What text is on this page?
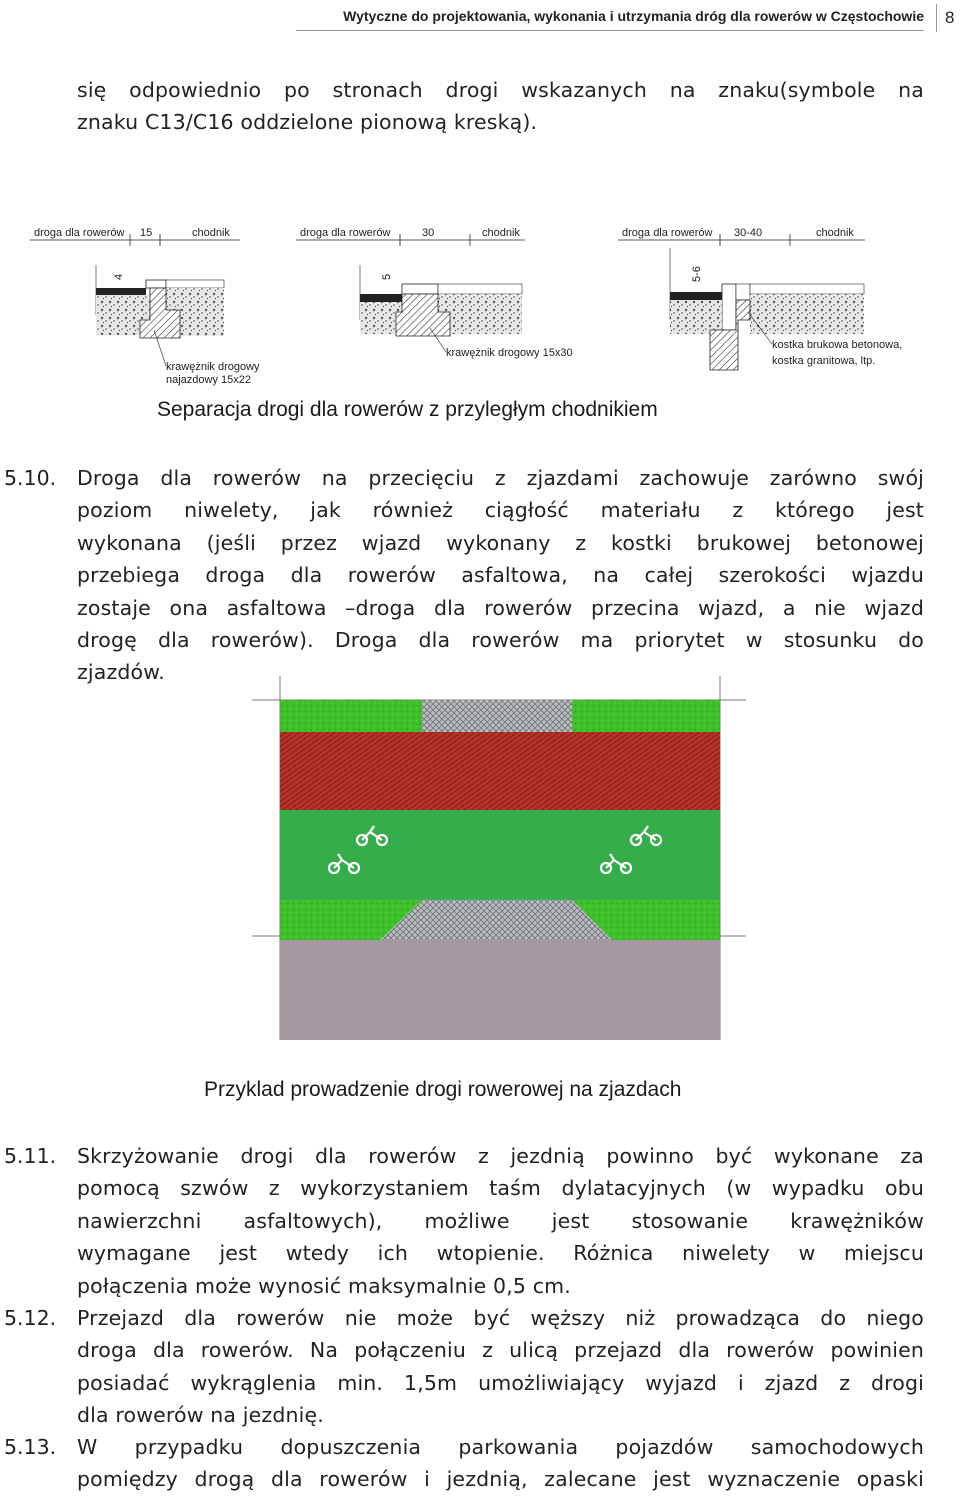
Wytyczne do projektowania, wykonania i utrzymania dróg dla rowerów w Częstochowie 8
się odpowiednio po stronach drogi wskazanych na znaku(symbole na
znaku C13/C16 oddzielone pionową kreską).
droga dla rowerów 15	chodnik
4
krawężnik drogowy
najazdowy 15x22
droga dla rowerów	30	chodnik
5
krawężnik drogowy 15x30
droga dla rowerów 30-40	chodnik
5-6
kostka brukowa betonowa,
kostka granitowa, ltp.
Separacja drogi dla rowerów z przyległym chodnikiem
5.10. Droga dla rowerów na przecięciu z zjazdami zachowuje zarówno swój
poziom niwelety, jak również ciągłość materiału z którego jest
wykonana (jeśli przez wjazd wykonany z kostki brukowej betonowej
przebiega droga dla rowerów asfaltowa, na całej szerokości wjazdu
zostaje ona asfaltowa –droga dla rowerów przecina wjazd, a nie wjazd
drogę dla rowerów). Droga dla rowerów ma priorytet w stosunku do
zjazdów.
Przyklad prowadzenie drogi rowerowej na zjazdach
5.11. Skrzyżowanie drogi dla rowerów z jezdnią powinno być wykonane za
pomocą szwów z wykorzystaniem taśm dylatacyjnych (w wypadku obu
nawierzchni asfaltowych), możliwe jest stosowanie krawężników
wymagane jest wtedy ich wtopienie. Różnica niwelety w miejscu
połączenia może wynosić maksymalnie 0,5 cm.
5.12. Przejazd dla rowerów nie może być węższy niż prowadząca do niego
droga dla rowerów. Na połączeniu z ulicą przejazd dla rowerów powinien
posiadać wykrąglenia min. 1,5m umożliwiający wyjazd i zjazd z drogi
dla rowerów na jezdnię.
5.13. W przypadku dopuszczenia parkowania pojazdów samochodowych
pomiędzy drogą dla rowerów i jezdnią, zalecane jest wyznaczenie opaski
